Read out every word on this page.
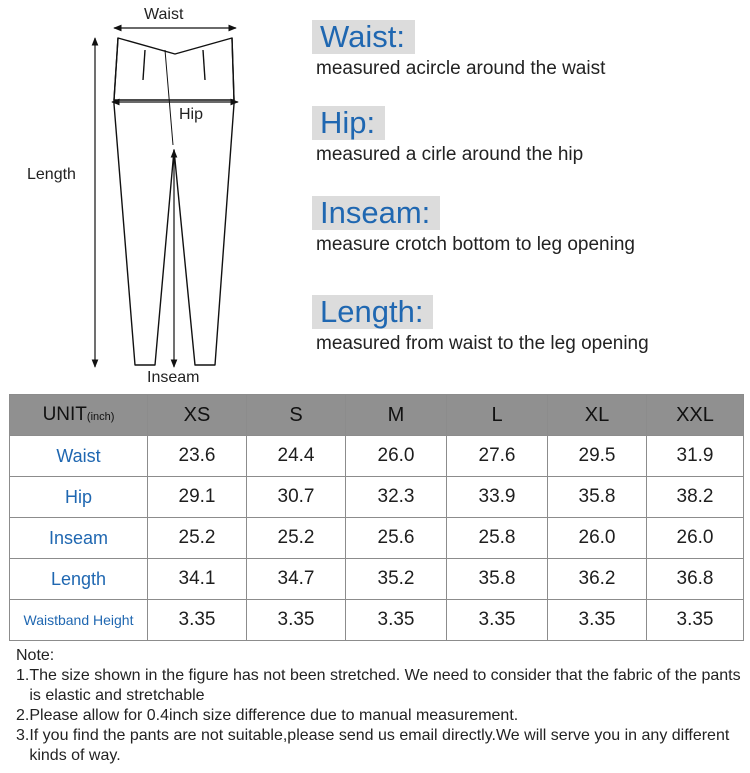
Waist
Hip
Length
Inseam
Waist:
measured acircle around the waist
Hip:
measured a cirle around the hip
Inseam:
measure crotch bottom to leg opening
Length:
measured from waist to the leg opening
UNIT(inch)	XS	S	M	L	XL	XXL
Waist	23.6	24.4	26.0	27.6	29.5	31.9
Hip	29.1	30.7	32.3	33.9	35.8	38.2
Inseam	25.2	25.2	25.6	25.8	26.0	26.0
Length	34.1	34.7	35.2	35.8	36.2	36.8
Waistband Height	3.35	3.35	3.35	3.35	3.35	3.35
Note:
1. The size shown in the figure has not been stretched. We need to consider that the fabric of the pants is elastic and stretchable
2. Please allow for 0.4inch size difference due to manual measurement.
3. If you find the pants are not suitable,please send us email directly.We will serve you in any different kinds of way.
